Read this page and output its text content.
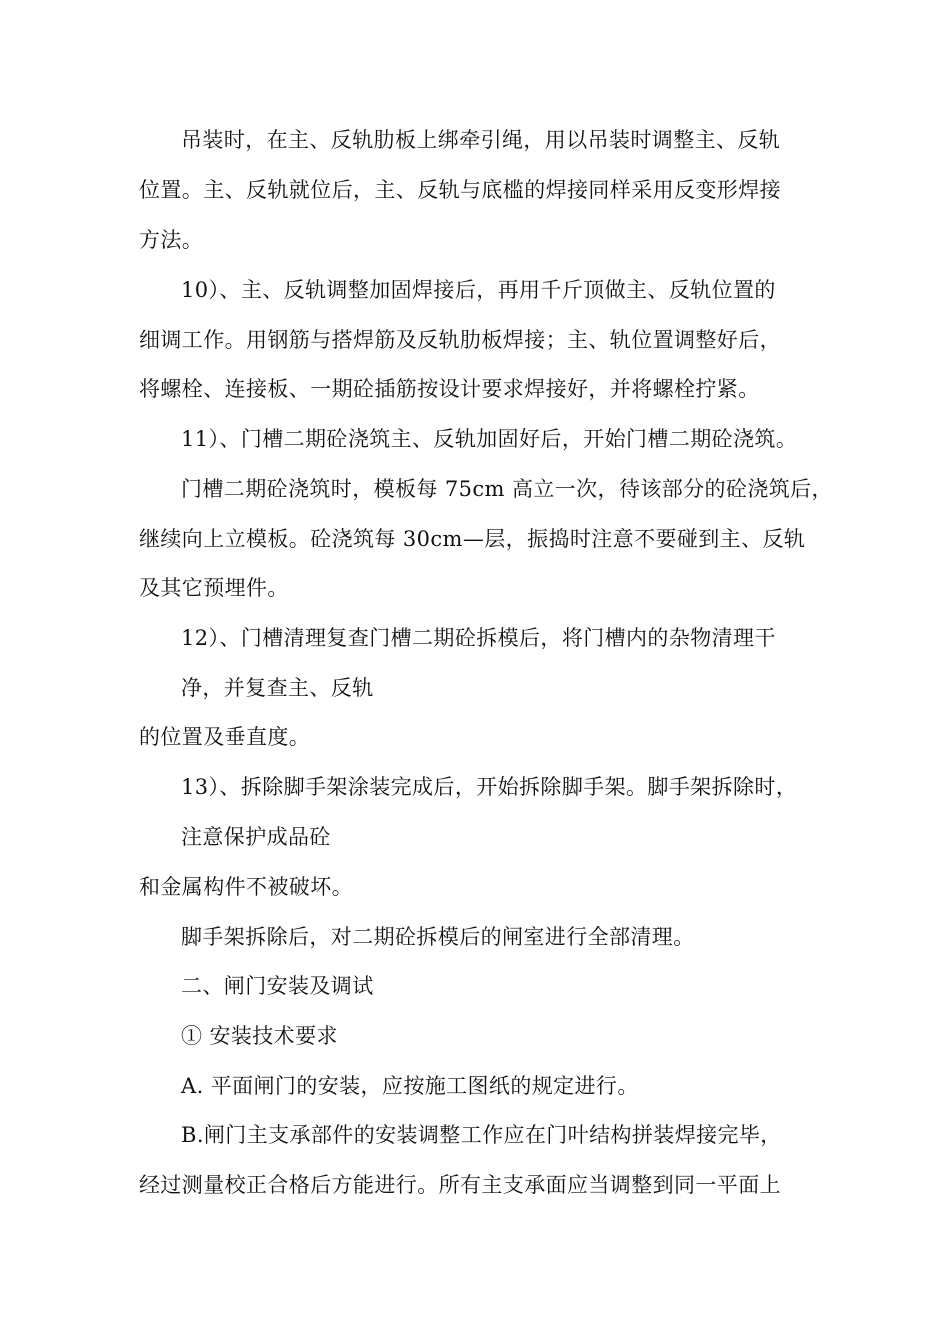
吊装时，在主、反轨肋板上绑牵引绳，用以吊装时调整主、反轨
位置。主、反轨就位后，主、反轨与底槛的焊接同样采用反变形焊接
方法。
10）、主、反轨调整加固焊接后，再用千斤顶做主、反轨位置的
细调工作。用钢筋与搭焊筋及反轨肋板焊接；主、轨位置调整好后，
将螺栓、连接板、一期砼插筋按设计要求焊接好，并将螺栓拧紧。
11）、门槽二期砼浇筑主、反轨加固好后，开始门槽二期砼浇筑。
门槽二期砼浇筑时，模板每 75cm 高立一次，待该部分的砼浇筑后，
继续向上立模板。砼浇筑每 30cm—层，振捣时注意不要碰到主、反轨
及其它预埋件。
12）、门槽清理复查门槽二期砼拆模后，将门槽内的杂物清理干
净，并复查主、反轨
的位置及垂直度。
13）、拆除脚手架涂装完成后，开始拆除脚手架。脚手架拆除时，
注意保护成品砼
和金属构件不被破坏。
脚手架拆除后，对二期砼拆模后的闸室进行全部清理。
二、闸门安装及调试
① 安装技术要求
A. 平面闸门的安装，应按施工图纸的规定进行。
B.闸门主支承部件的安装调整工作应在门叶结构拼装焊接完毕，
经过测量校正合格后方能进行。所有主支承面应当调整到同一平面上
